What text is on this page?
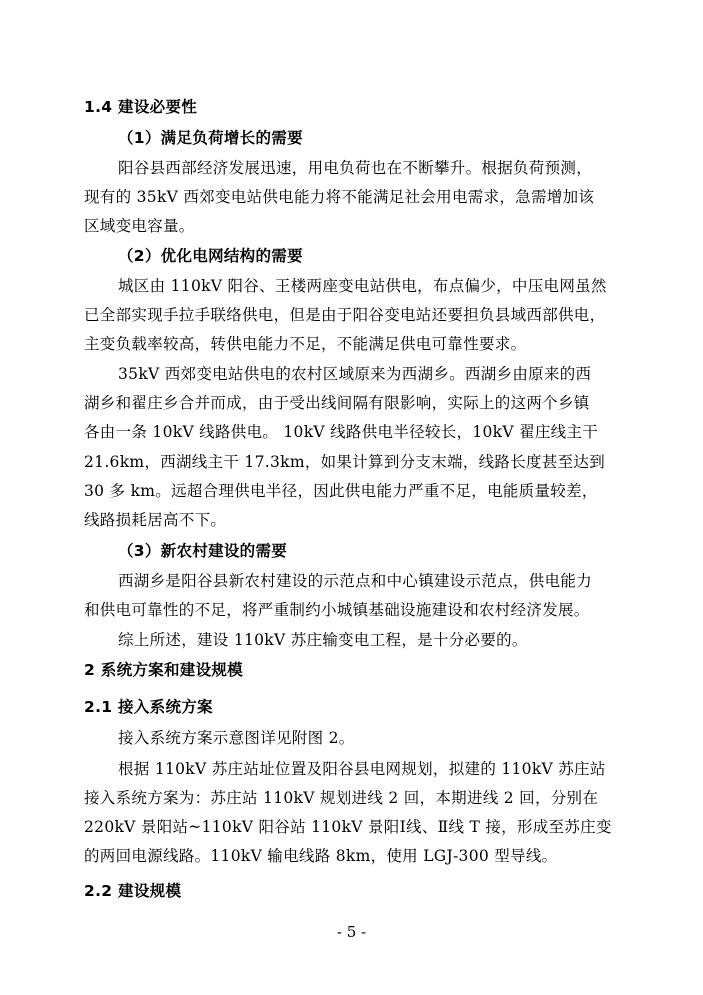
1.4 建设必要性
（1）满足负荷增长的需要
阳谷县西部经济发展迅速，用电负荷也在不断攀升。根据负荷预测，
现有的 35kV 西郊变电站供电能力将不能满足社会用电需求，急需增加该
区域变电容量。
（2）优化电网结构的需要
城区由 110kV 阳谷、王楼两座变电站供电，布点偏少，中压电网虽然
已全部实现手拉手联络供电，但是由于阳谷变电站还要担负县域西部供电，
主变负载率较高，转供电能力不足，不能满足供电可靠性要求。
35kV 西郊变电站供电的农村区域原来为西湖乡。西湖乡由原来的西
湖乡和翟庄乡合并而成，由于受出线间隔有限影响，实际上的这两个乡镇
各由一条 10kV 线路供电。 10kV 线路供电半径较长，10kV 翟庄线主干
21.6km，西湖线主干 17.3km，如果计算到分支末端，线路长度甚至达到
30 多 km。远超合理供电半径，因此供电能力严重不足，电能质量较差，
线路损耗居高不下。
（3）新农村建设的需要
西湖乡是阳谷县新农村建设的示范点和中心镇建设示范点，供电能力
和供电可靠性的不足，将严重制约小城镇基础设施建设和农村经济发展。
综上所述，建设 110kV 苏庄输变电工程，是十分必要的。
2 系统方案和建设规模
2.1 接入系统方案
接入系统方案示意图详见附图 2。
根据 110kV 苏庄站址位置及阳谷县电网规划，拟建的 110kV 苏庄站
接入系统方案为：苏庄站 110kV 规划进线 2 回，本期进线 2 回，分别在
220kV 景阳站~110kV 阳谷站 110kV 景阳Ⅰ线、Ⅱ线 T 接，形成至苏庄变
的两回电源线路。110kV 输电线路 8km，使用 LGJ-300 型导线。
2.2 建设规模
- 5 -
